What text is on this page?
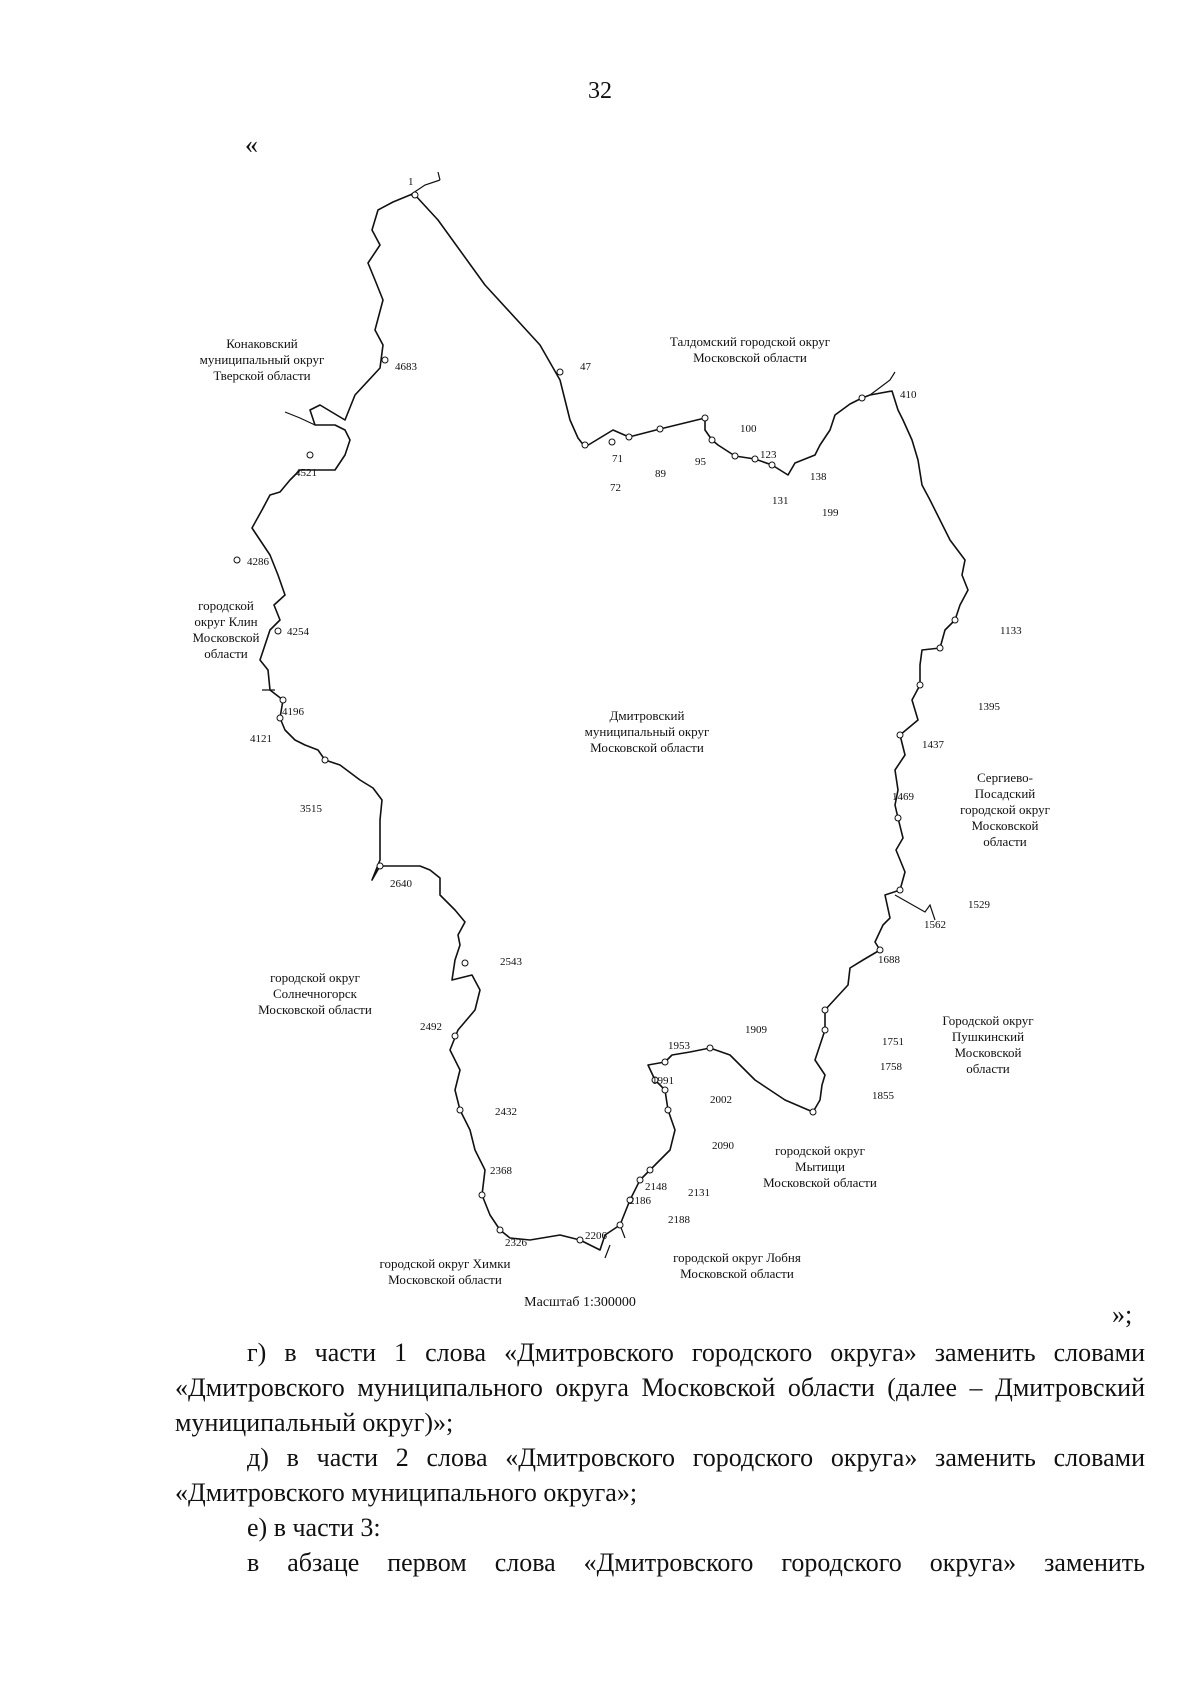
32
«
Конаковский муниципальный округ Тверской области
Талдомский городской округ Московской области
городской округ Клин Московской области
Дмитровский муниципальный округ Московской области
Сергиево-Посадский городской округ Московской области
городской округ Солнечногорск Московской области
Городской округ Пушкинский Московской области
городской округ Мытищи Московской области
городской округ Химки Московской области
городской округ Лобня Московской области
1
47
71
72
89
95
100
123
131
138
199
410
1133
1395
1437
1469
1529
1562
1688
1751
1758
1855
1909
1953
1991
2002
2090
2131
2148
2186
2188
2206
2326
2368
2432
2492
2543
2640
3515
4121
4196
4254
4286
4521
4683
»;
Масштаб 1:300000

г) в части 1 слова «Дмитровского городского округа» заменить словами «Дмитровского муниципального округа Московской области (далее – Дмитровский муниципальный округ)»;

д) в части 2 слова «Дмитровского городского округа» заменить словами «Дмитровского муниципального округа»;

е) в части 3:

в абзаце первом слова «Дмитровского городского округа» заменить
